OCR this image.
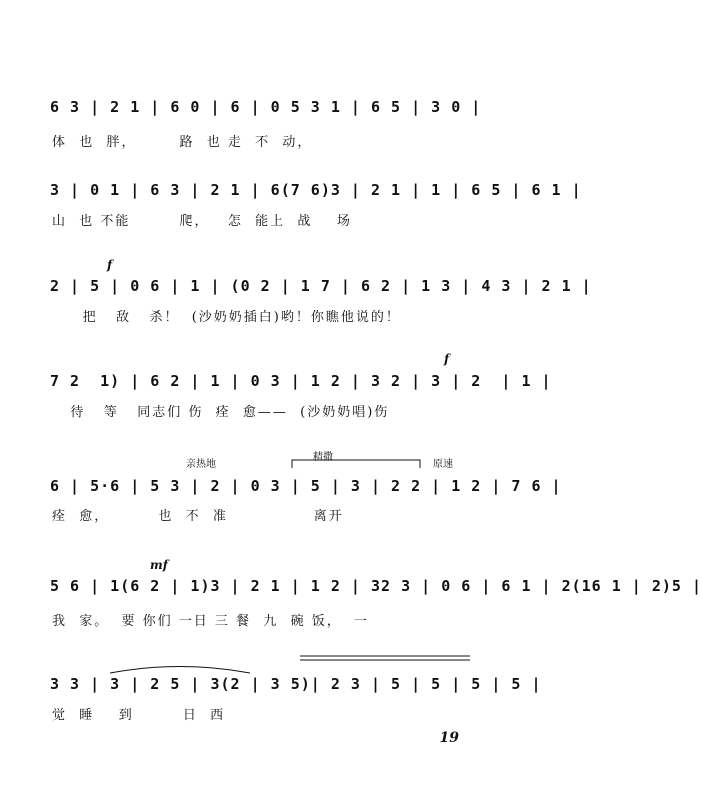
6 3 | 2 1 | 6 0 | 6 | 0 5 3 1 | 6 5 | 3 0 |
体  也  胖，       路  也 走  不  动，
3 | 0 1 | 6 3 | 2 1 | 6(7 6)3 | 2 1 | 1 | 6 5 | 6 1 |
山  也 不能        爬，   怎  能上  战    场
f
2 | 5 | 0 6 | 1 | (0 2 | 1 7 | 6 2 | 1 3 | 4 3 | 2 1 |
把   敌   杀！  (沙奶奶插白)哟！你瞧他说的！
f
7 2  1) | 6 2 | 1 | 0 3 | 1 2 | 3 2 | 3 | 2  | 1 |
待   等   同志们 伤  痊  愈——  (沙奶奶唱)伤
亲热地
精撒
原速
6 | 5·6 | 5 3 | 2 | 0 3 | 5 | 3 | 2 2 | 1 2 | 7 6 |
痊  愈，        也  不  准              离开
mf
5 6 | 1(6 2 | 1)3 | 2 1 | 1 2 | 32 3 | 0 6 | 6 1 | 2(16 1 | 2)5 |
我  家。  要 你们 一日 三 餐  九  碗 饭，  一
3 3 | 3 | 2 5 | 3(2 | 3 5)| 2 3 | 5 | 5 | 5 | 5 |
觉  睡    到        日  西
19
